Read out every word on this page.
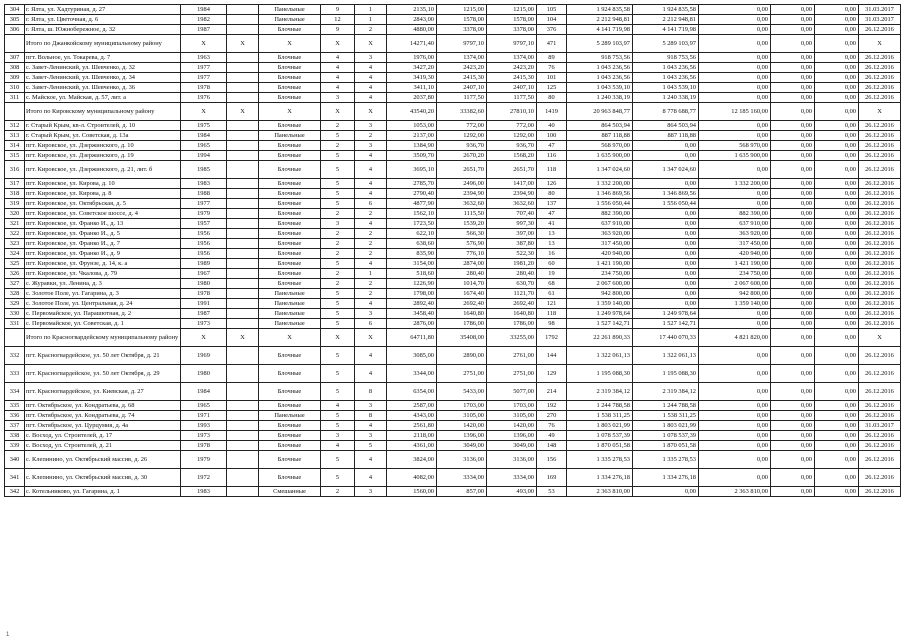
304	г. Ялта, ул. Хадтуриная, д. 27	1984		Панельные	9	1	2135,10	1215,00	1215,00	105	1 924 835,58	1 924 835,58	0,00	0,00	0,00	31.03.2017
305	г. Ялта, ул. Цветочная, д. 6	1982		Панельные	12	1	2843,00	1578,00	1578,00	104	2 212 948,81	2 212 948,81	0,00	0,00	0,00	31.03.2017
306	г. Ялта, ш. Южнобережное, д. 32	1987		Блочные	9	2	4880,00	3378,00	3378,00	376	4 141 719,98	4 141 719,98	0,00	0,00	0,00	26.12.2016
	Итого по Джанкойскому муниципальному району	X	X	X	X	X	14271,40	9797,10	9797,10	471	5 289 103,97	5 289 103,97	0,00	0,00	0,00	X
307	пгт. Вольное, ул. Токарева, д. 7	1963		Блочные	4	3	1976,00	1374,00	1374,00	89	918 753,56	918 753,56	0,00	0,00	0,00	26.12.2016
308	с. Завет-Ленинский, ул. Шевченко, д. 32	1977		Блочные	4	4	3427,20	2423,20	2423,20	76	1 043 236,56	1 043 236,56	0,00	0,00	0,00	26.12.2016
309	с. Завет-Ленинский, ул. Шевченко, д. 34	1977		Блочные	4	4	3419,30	2415,30	2415,30	101	1 043 236,56	1 043 236,56	0,00	0,00	0,00	26.12.2016
310	с. Завет-Ленинский, ул. Шевченко, д. 36	1978		Блочные	4	4	3411,10	2407,10	2407,10	125	1 043 539,10	1 043 539,10	0,00	0,00	0,00	26.12.2016
311	с. Майское, ул. Майская, д. 57, лит. а	1976		Блочные	3	4	2037,80	1177,50	1177,50	80	1 240 338,19	1 240 338,19	0,00	0,00	0,00	26.12.2016
	Итого по Кировскому муниципальному району	X	X	X	X	X	43540,20	33382,60	27810,10	1419	20 963 848,77	8 778 688,77	12 185 160,00	0,00	0,00	X
312	г. Старый Крым, кв-л. Строителей, д. 10	1975		Блочные	2	3	1053,00	772,00	772,00	40	864 503,94	864 503,94	0,00	0,00	0,00	26.12.2016
313	г. Старый Крым, ул. Советская, д. 13а	1984		Панельные	5	2	2137,00	1292,00	1292,00	100	887 118,88	887 118,88	0,00	0,00	0,00	26.12.2016
314	пгт. Кировское, ул. Дзержинского, д. 10	1965		Блочные	2	3	1384,90	936,70	936,70	47	568 970,00	0,00	568 970,00	0,00	0,00	26.12.2016
315	пгт. Кировское, ул. Дзержинского, д. 19	1994		Блочные	5	4	3509,70	2670,20	1568,20	116	1 635 900,00	0,00	1 635 900,00	0,00	0,00	26.12.2016
316	пгт. Кировское, ул. Дзержинского, д. 21, лит. б	1985		Блочные	5	4	3695,10	2651,70	2651,70	118	1 347 024,60	1 347 024,60	0,00	0,00	0,00	26.12.2016
317	пгт. Кировское, ул. Кирова, д. 10	1983		Блочные	5	4	2785,70	2496,00	1417,00	126	1 332 200,00	0,00	1 332 200,00	0,00	0,00	26.12.2016
318	пгт. Кировское, ул. Кирова, д. 8	1988		Блочные	5	4	2790,40	2394,90	2394,90	80	1 346 869,56	1 346 869,56	0,00	0,00	0,00	26.12.2016
319	пгт. Кировское, ул. Октябрьская, д. 5	1977		Блочные	5	6	4877,90	3632,60	3632,60	137	1 556 050,44	1 556 050,44	0,00	0,00	0,00	26.12.2016
320	пгт. Кировское, ул. Советское шоссе, д. 4	1979		Блочные	2	2	1562,10	1115,50	707,40	47	882 390,00	0,00	882 390,00	0,00	0,00	26.12.2016
321	пгт. Кировское, ул. Франко И., д. 13	1957		Блочные	3	4	1723,50	1539,20	997,30	41	637 910,00	0,00	637 910,00	0,00	0,00	26.12.2016
322	пгт. Кировское, ул. Франко И., д. 5	1956		Блочные	2	2	622,10	566,30	397,00	13	363 920,00	0,00	363 920,00	0,00	0,00	26.12.2016
323	пгт. Кировское, ул. Франко И., д. 7	1956		Блочные	2	2	638,60	576,90	387,80	13	317 450,00	0,00	317 450,00	0,00	0,00	26.12.2016
324	пгт. Кировское, ул. Франко И., д. 9	1956		Блочные	2	2	835,90	776,10	522,30	16	420 940,00	0,00	420 940,00	0,00	0,00	26.12.2016
325	пгт. Кировское, ул. Фрунзе, д. 14, к. а	1989		Блочные	5	4	3154,00	2874,00	1981,20	60	1 421 190,00	0,00	1 421 190,00	0,00	0,00	26.12.2016
326	пгт. Кировское, ул. Чкалова, д. 79	1967		Блочные	2	1	518,60	280,40	280,40	19	234 750,00	0,00	234 750,00	0,00	0,00	26.12.2016
327	с. Журавки, ул. Ленина, д. 3	1980		Блочные	2	2	1226,90	1014,70	630,70	68	2 067 600,00	0,00	2 067 600,00	0,00	0,00	26.12.2016
328	с. Золотое Поле, ул. Гагарина, д. 3	1978		Панельные	5	2	1798,00	1674,40	1121,70	61	942 800,00	0,00	942 800,00	0,00	0,00	26.12.2016
329	с. Золотое Поле, ул. Центральная, д. 24	1991		Панельные	5	4	2892,40	2692,40	2692,40	121	1 359 140,00	0,00	1 359 140,00	0,00	0,00	26.12.2016
330	с. Первомайское, ул. Парашютная, д. 2	1987		Панельные	5	3	3458,40	1640,80	1640,80	118	1 249 978,64	1 249 978,64	0,00	0,00	0,00	26.12.2016
331	с. Первомайское, ул. Советская, д. 1	1973		Панельные	5	6	2876,00	1786,00	1786,00	98	1 527 142,71	1 527 142,71	0,00	0,00	0,00	26.12.2016
	Итого по Красногвардейскому муниципальному району	X	X	X	X	X	64711,80	35408,00	33255,00	1792	22 261 890,33	17 440 070,33	4 821 820,00	0,00	0,00	X
332	пгт. Красногвардейское, ул. 50 лет Октября, д. 21	1969		Блочные	5	4	3085,00	2890,00	2761,00	144	1 322 061,13	1 322 061,13	0,00	0,00	0,00	26.12.2016
333	пгт. Красногвардейское, ул. 50 лет Октября, д. 29	1980		Блочные	5	4	3344,00	2751,00	2751,00	129	1 195 088,30	1 195 088,30	0,00	0,00	0,00	26.12.2016
334	пгт. Красногвардейское, ул. Киевская, д. 27	1984		Блочные	5	8	6354,00	5433,00	5077,00	214	2 319 384,12	2 319 384,12	0,00	0,00	0,00	26.12.2016
335	пгт. Октябрьское, ул. Кондратьева, д. 68	1965		Блочные	4	3	2587,00	1703,00	1703,00	192	1 244 788,58	1 244 788,58	0,00	0,00	0,00	26.12.2016
336	пгт. Октябрьское, ул. Кондратьева, д. 74	1971		Панельные	5	8	4343,00	3105,00	3105,00	270	1 538 311,25	1 538 311,25	0,00	0,00	0,00	26.12.2016
337	пгт. Октябрьское, ул. Цурцумия, д. 4а	1993		Блочные	5	4	2561,80	1420,00	1420,00	76	1 803 021,99	1 803 021,99	0,00	0,00	0,00	31.03.2017
338	с. Восход, ул. Строителей, д. 17	1973		Блочные	3	3	2118,00	1396,00	1396,00	49	1 078 537,39	1 078 537,39	0,00	0,00	0,00	26.12.2016
339	с. Восход, ул. Строителей, д. 21	1978		Блочные	4	5	4361,00	3049,00	3049,00	148	1 870 051,58	1 870 051,58	0,00	0,00	0,00	26.12.2016
340	с. Клепинино, ул. Октябрьский массив, д. 26	1979		Блочные	5	4	3824,00	3136,00	3136,00	156	1 335 278,53	1 335 278,53	0,00	0,00	0,00	26.12.2016
341	с. Клепинино, ул. Октябрьский массив, д. 30	1972		Блочные	5	4	4082,00	3334,00	3334,00	169	1 334 276,18	1 334 276,18	0,00	0,00	0,00	26.12.2016
342	с. Котельниково, ул. Гагарина, д. 1	1983		Смешанные	2	3	1560,00	857,00	493,00	53	2 363 810,00	0,00	2 363 810,00	0,00	0,00	26.12.2016
1
